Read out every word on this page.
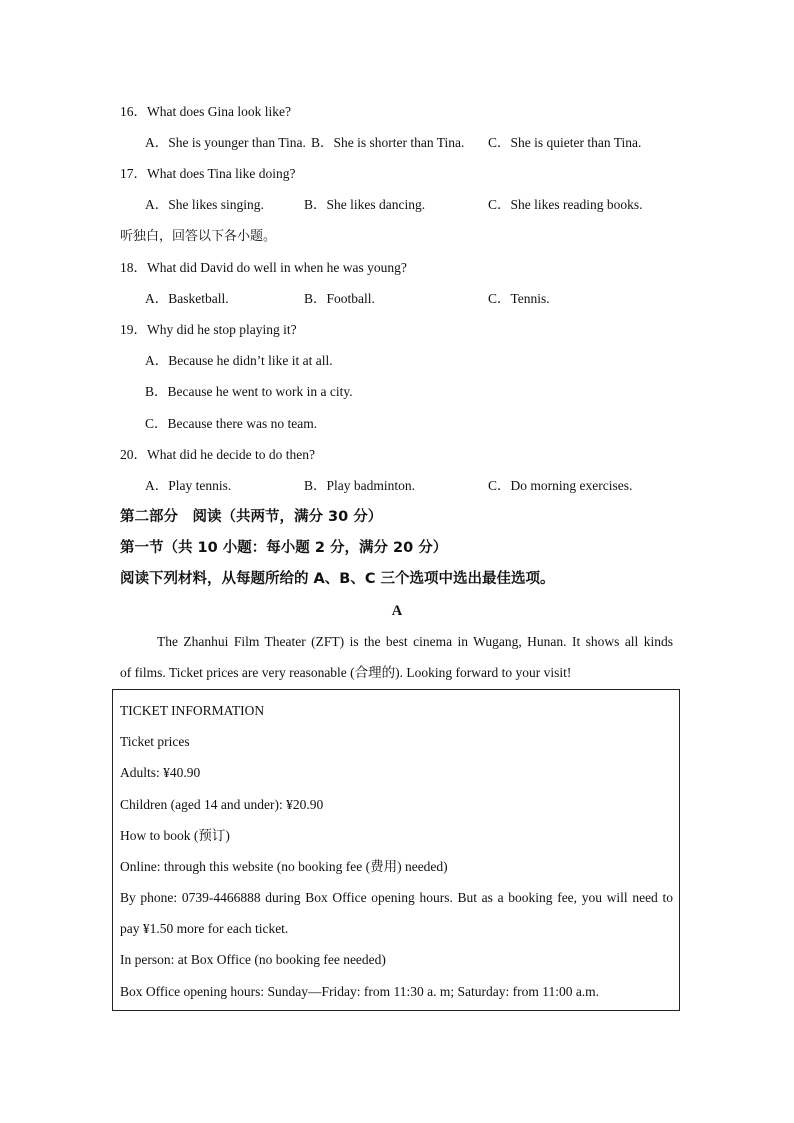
16．What does Gina look like?
A．She is younger than Tina. B．She is shorter than Tina. C．She is quieter than Tina.
17．What does Tina like doing?
A．She likes singing.	B．She likes dancing.	C．She likes reading books.
听独白，回答以下各小题。
18．What did David do well in when he was young?
A．Basketball.	B．Football.	C．Tennis.
19．Why did he stop playing it?
A．Because he didn’t like it at all.
B．Because he went to work in a city.
C．Because there was no team.
20．What did he decide to do then?
A．Play tennis.	B．Play badminton.	C．Do morning exercises.
第二部分　阅读（共两节，满分 30 分）
第一节（共 10 小题：每小题 2 分，满分 20 分）
阅读下列材料，从每题所给的 A、B、C 三个选项中选出最佳选项。
A
The Zhanhui Film Theater (ZFT) is the best cinema in Wugang, Hunan. It shows all kinds
of films. Ticket prices are very reasonable (合理的). Looking forward to your visit!
TICKET INFORMATION
Ticket prices
Adults: ¥40.90
Children (aged 14 and under): ¥20.90
How to book (预订)
Online: through this website (no booking fee (费用) needed)
By phone: 0739-4466888 during Box Office opening hours. But as a booking fee, you will need to
pay ¥1.50 more for each ticket.
In person: at Box Office (no booking fee needed)
Box Office opening hours: Sunday—Friday: from 11:30 a. m; Saturday: from 11:00 a.m.
